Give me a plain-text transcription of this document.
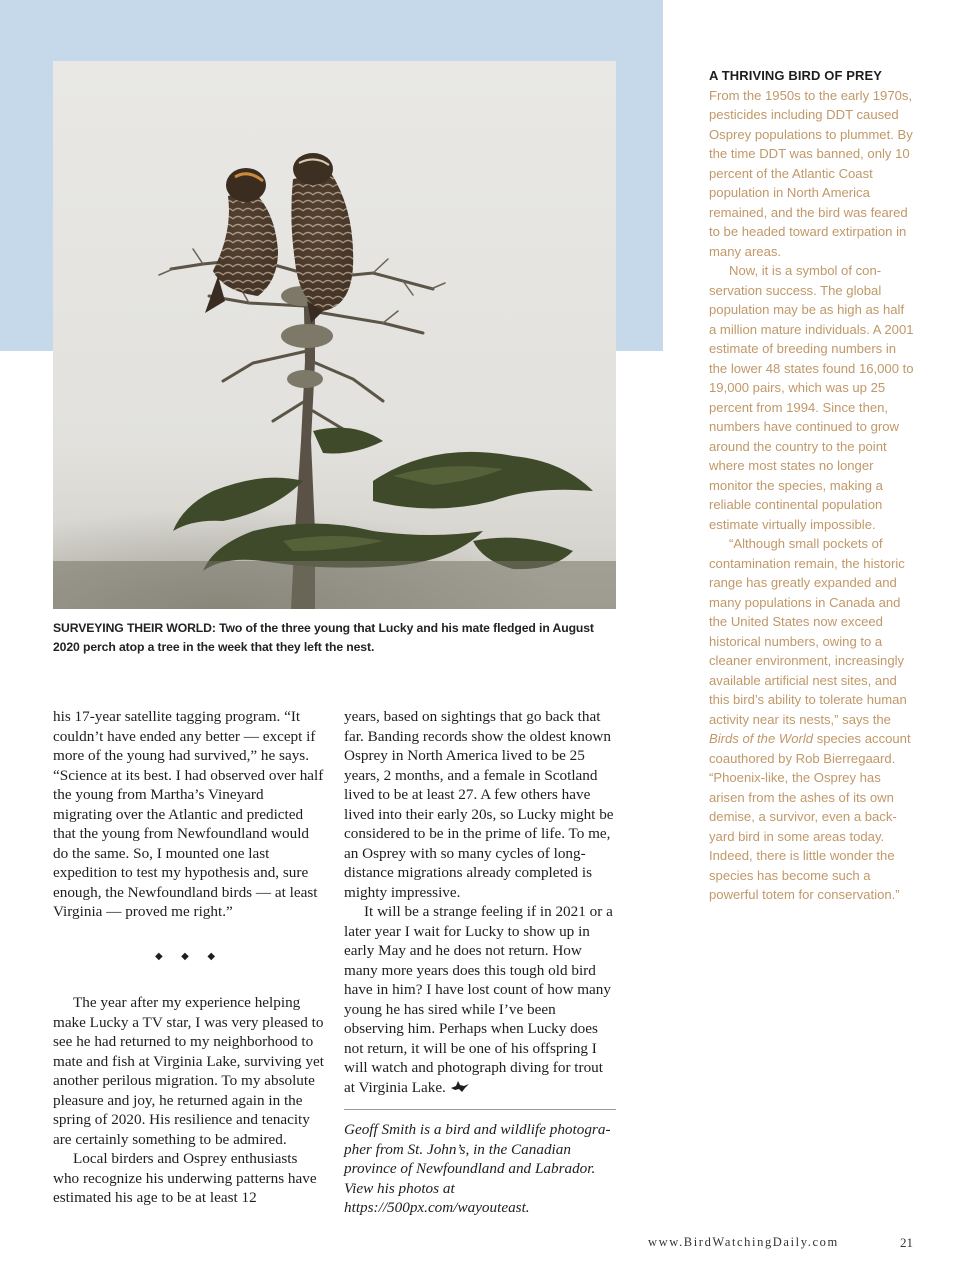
SURVEYING THEIR WORLD: Two of the three young that Lucky and his mate fledged in August 2020 perch atop a tree in the week that they left the nest.

his 17-year satellite tagging program. “It couldn’t have ended any better — except if more of the young had survived,” he says. “Science at its best. I had observed over half the young from Martha’s Vineyard migrating over the Atlantic and predicted that the young from Newfoundland would do the same. So, I mounted one last expedition to test my hypothesis and, sure enough, the Newfoundland birds — at least Virginia — proved me right.”

◆ ◆ ◆

The year after my experience helping make Lucky a TV star, I was very pleased to see he had returned to my neighborhood to mate and fish at Virginia Lake, surviving yet another perilous migration. To my absolute pleasure and joy, he returned again in the spring of 2020. His resilience and tenacity are certainly something to be admired.

Local birders and Osprey enthusiasts who recognize his underwing patterns have estimated his age to be at least 12

years, based on sightings that go back that far. Banding records show the oldest known Osprey in North America lived to be 25 years, 2 months, and a female in Scotland lived to be at least 27. A few others have lived into their early 20s, so Lucky might be considered to be in the prime of life. To me, an Osprey with so many cycles of long-distance migrations already completed is mighty impressive.

It will be a strange feeling if in 2021 or a later year I wait for Lucky to show up in early May and he does not return. How many more years does this tough old bird have in him? I have lost count of how many young he has sired while I’ve been observing him. Perhaps when Lucky does not return, it will be one of his offspring I will watch and photograph diving for trout at Virginia Lake.

Geoff Smith is a bird and wildlife photographer from St. John’s, in the Canadian province of Newfoundland and Labrador. View his photos at https://500px.com/wayouteast.

A THRIVING BIRD OF PREY

From the 1950s to the early 1970s, pesticides including DDT caused Osprey populations to plummet. By the time DDT was banned, only 10 percent of the Atlantic Coast population in North America remained, and the bird was feared to be headed toward extirpation in many areas.

Now, it is a symbol of conservation success. The global population may be as high as half a million mature individuals. A 2001 estimate of breeding numbers in the lower 48 states found 16,000 to 19,000 pairs, which was up 25 percent from 1994. Since then, numbers have continued to grow around the country to the point where most states no longer monitor the species, making a reliable continental population estimate virtually impossible.

“Although small pockets of contamination remain, the historic range has greatly expanded and many populations in Canada and the United States now exceed historical numbers, owing to a cleaner environment, increasingly available artificial nest sites, and this bird’s ability to tolerate human activity near its nests,” says the Birds of the World species account coauthored by Rob Bierregaard. “Phoenix-like, the Osprey has arisen from the ashes of its own demise, a survivor, even a backyard bird in some areas today. Indeed, there is little wonder the species has become such a powerful totem for conservation.”

www.BirdWatchingDaily.com	21
